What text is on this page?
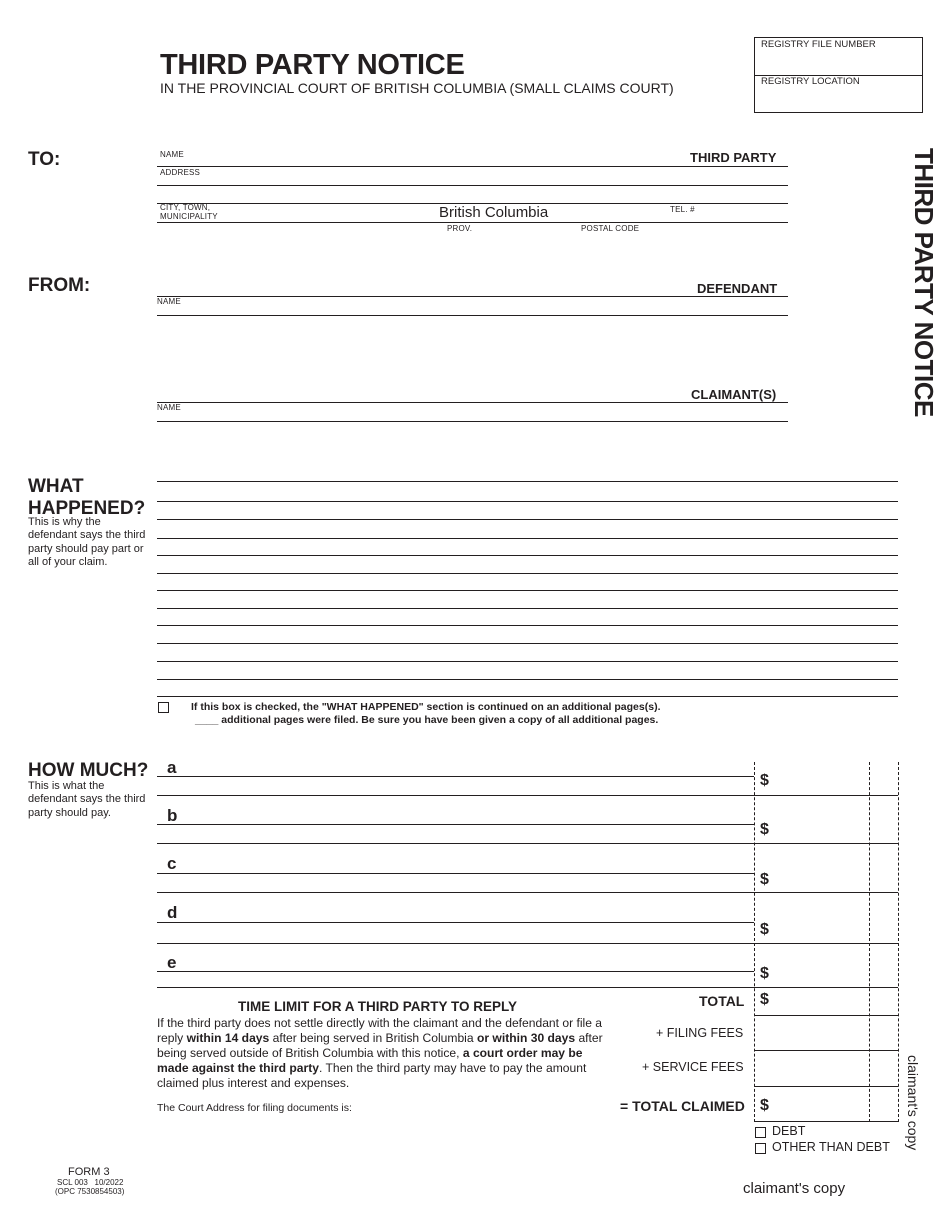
THIRD PARTY NOTICE
IN THE PROVINCIAL COURT OF BRITISH COLUMBIA (SMALL CLAIMS COURT)
REGISTRY FILE NUMBER
REGISTRY LOCATION
THIRD PARTY NOTICE
TO:	NAME	THIRD PARTY
ADDRESS
CITY, TOWN,
MUNICIPALITY	British Columbia	TEL. #
PROV.	POSTAL CODE
FROM:	DEFENDANT
NAME
CLAIMANT(S)
NAME
WHAT
HAPPENED?
This is why the defendant says the third party should pay part or all of your claim.
If this box is checked, the "WHAT HAPPENED" section is continued on an additional pages(s).
____ additional pages were filed. Be sure you have been given a copy of all additional pages.
HOW MUCH?
This is what the defendant says the third party should pay.
a
$
b
$
c
$
d
$
e
$
TOTAL $
+ FILING FEES
+ SERVICE FEES
= TOTAL CLAIMED $
DEBT
OTHER THAN DEBT
TIME LIMIT FOR A THIRD PARTY TO REPLY
If the third party does not settle directly with the claimant and the defendant or file a reply within 14 days after being served in British Columbia or within 30 days after being served outside of British Columbia with this notice, a court order may be made against the third party. Then the third party may have to pay the amount claimed plus interest and expenses.
The Court Address for filing documents is:	claimant's copy
FORM 3
SCL 003   10/2022
(OPC 7530854503)	claimant's copy
